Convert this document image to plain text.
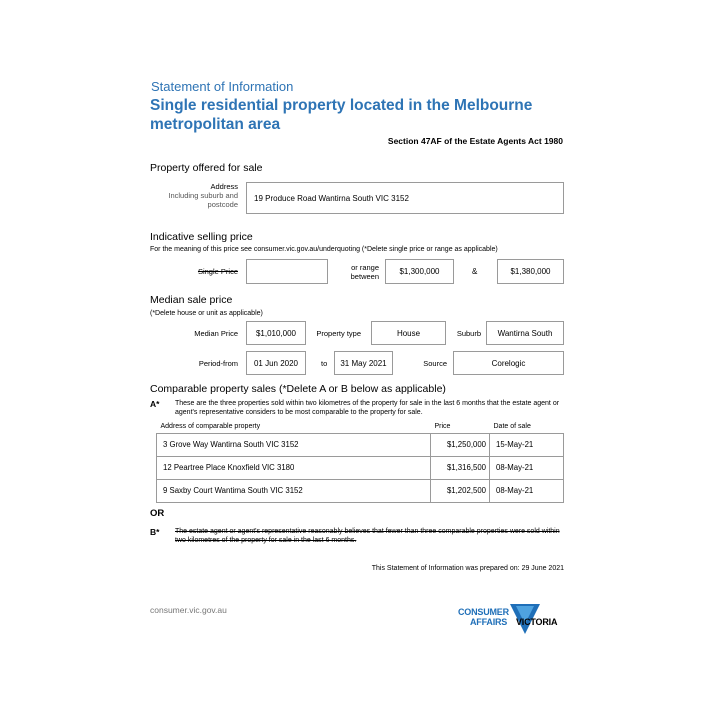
Statement of Information
Single residential property located in the Melbourne
metropolitan area
Section 47AF of the Estate Agents Act 1980
Property offered for sale
Address
Including suburb and
postcode
19 Produce Road Wantirna South VIC 3152
Indicative selling price
For the meaning of this price see consumer.vic.gov.au/underquoting (*Delete single price or range as applicable)
Single Price	or range
between
$1,300,000	&	$1,380,000
Median sale price
(*Delete house or unit as applicable)
Median Price	$1,010,000	Property type	House	Suburb	Wantirna South
Period-from	01 Jun 2020	to	31 May 2021	Source	Corelogic
Comparable property sales (*Delete A or B below as applicable)
A* These are the three properties sold within two kilometres of the property for sale in the last 6 months that the estate agent or agent's representative considers to be most comparable to the property for sale.
Address of comparable property	Price	Date of sale
3 Grove Way Wantirna South VIC 3152	$1,250,000	15-May-21
12 Peartree Place Knoxfield VIC 3180	$1,316,500	08-May-21
9 Saxby Court Wantirna South VIC 3152	$1,202,500	08-May-21
OR
B* The estate agent or agent's representative reasonably believes that fewer than three comparable properties were sold within two kilometres of the property for sale in the last 6 months.
This Statement of Information was prepared on: 29 June 2021
consumer.vic.gov.au	CONSUMER
AFFAIRS VICTORIA
